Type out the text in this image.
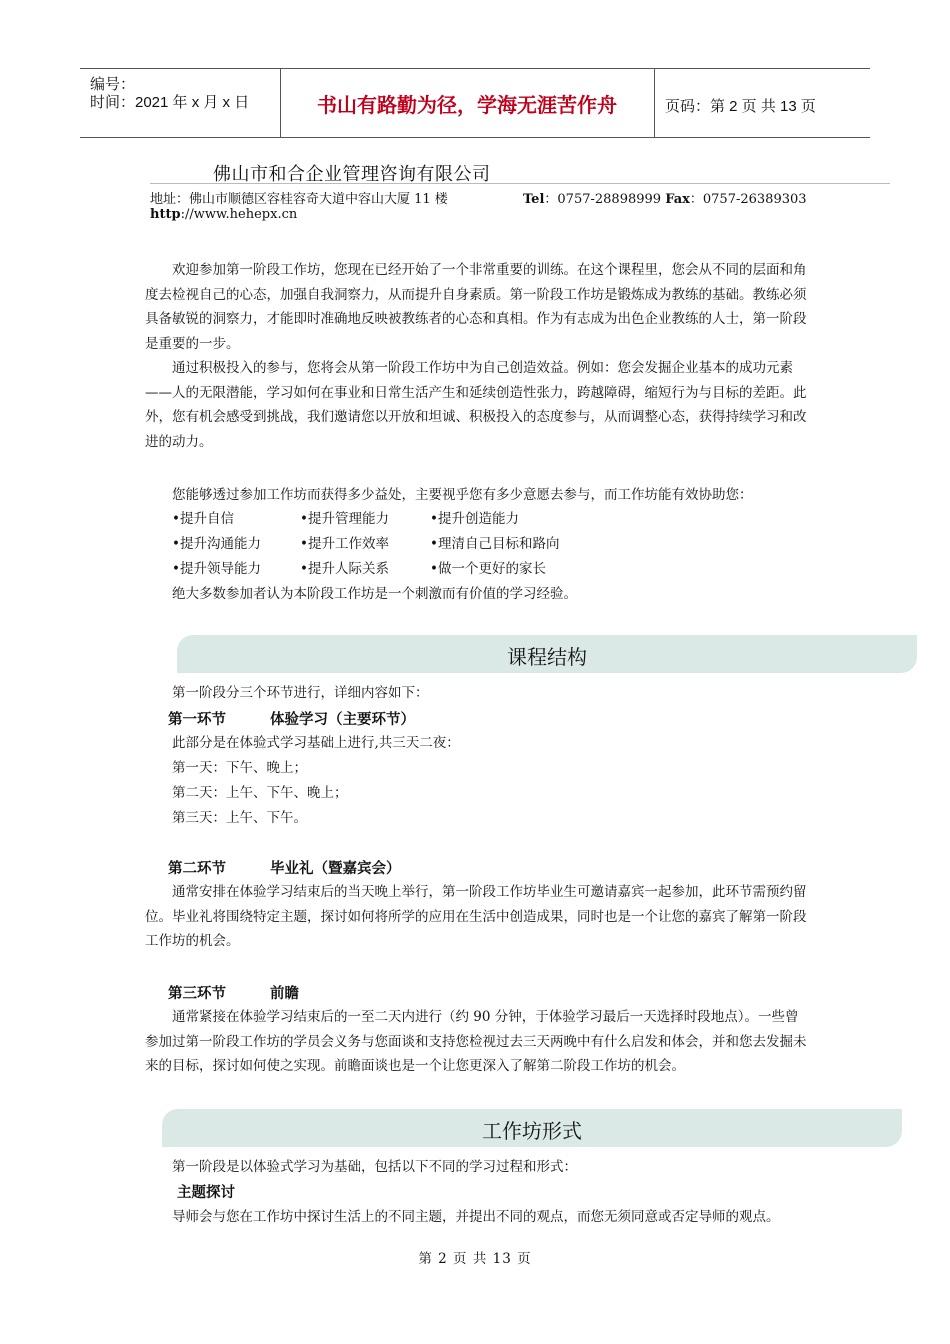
编号：
时间：2021 年 x 月 x 日	书山有路勤为径，学海无涯苦作舟	页码：第 2 页 共 13 页
佛山市和合企业管理咨询有限公司
地址：佛山市顺德区容桂容奇大道中容山大厦 11 楼	Tel：0757-28898999 Fax：0757-26389303
http://www.hehepx.cn
欢迎参加第一阶段工作坊，您现在已经开始了一个非常重要的训练。在这个课程里，您会从不同的层面和角度去检视自己的心态，加强自我洞察力，从而提升自身素质。第一阶段工作坊是锻炼成为教练的基础。教练必须具备敏锐的洞察力，才能即时准确地反映被教练者的心态和真相。作为有志成为出色企业教练的人士，第一阶段是重要的一步。
通过积极投入的参与，您将会从第一阶段工作坊中为自己创造效益。例如：您会发掘企业基本的成功元素——人的无限潜能，学习如何在事业和日常生活产生和延续创造性张力，跨越障碍，缩短行为与目标的差距。此外，您有机会感受到挑战，我们邀请您以开放和坦诚、积极投入的态度参与，从而调整心态，获得持续学习和改进的动力。
您能够透过参加工作坊而获得多少益处，主要视乎您有多少意愿去参与，而工作坊能有效协助您：
•提升自信	•提升管理能力	•提升创造能力
•提升沟通能力	•提升工作效率	•理清自己目标和路向
•提升领导能力	•提升人际关系	•做一个更好的家长
绝大多数参加者认为本阶段工作坊是一个刺激而有价值的学习经验。
课程结构
第一阶段分三个环节进行，详细内容如下：
第一环节	体验学习（主要环节）
此部分是在体验式学习基础上进行,共三天二夜：
第一天：下午、晚上；
第二天：上午、下午、晚上；
第三天：上午、下午。
第二环节	毕业礼（暨嘉宾会）
通常安排在体验学习结束后的当天晚上举行，第一阶段工作坊毕业生可邀请嘉宾一起参加，此环节需预约留位。毕业礼将围绕特定主题，探讨如何将所学的应用在生活中创造成果，同时也是一个让您的嘉宾了解第一阶段工作坊的机会。
第三环节	前瞻
通常紧接在体验学习结束后的一至二天内进行（约 90 分钟，于体验学习最后一天选择时段地点）。一些曾参加过第一阶段工作坊的学员会义务与您面谈和支持您检视过去三天两晚中有什么启发和体会，并和您去发掘未来的目标，探讨如何使之实现。前瞻面谈也是一个让您更深入了解第二阶段工作坊的机会。
工作坊形式
第一阶段是以体验式学习为基础，包括以下不同的学习过程和形式：
主题探讨
导师会与您在工作坊中探讨生活上的不同主题，并提出不同的观点，而您无须同意或否定导师的观点。
第 2 页 共 13 页
